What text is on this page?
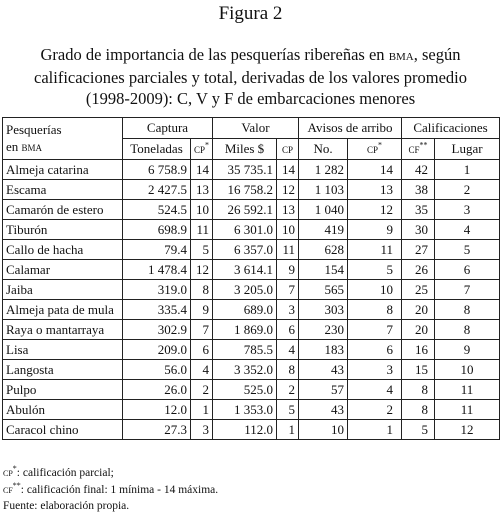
Figura 2
Grado de importancia de las pesquerías ribereñas en bma, según
calificaciones parciales y total, derivadas de los valores promedio
(1998-2009): C, V y F de embarcaciones menores
Pesquerías
en bma	Captura		Valor		Avisos de arribo		Calificaciones	
	Toneladas	cp*	Miles $	cp	No.	cp*	cf**	Lugar
Almeja catarina	6 758.9	14	35 735.1	14	1 282	14	42	1
Escama	2 427.5	13	16 758.2	12	1 103	13	38	2
Camarón de estero	524.5	10	26 592.1	13	1 040	12	35	3
Tiburón	698.9	11	6 301.0	10	419	9	30	4
Callo de hacha	79.4	5	6 357.0	11	628	11	27	5
Calamar	1 478.4	12	3 614.1	9	154	5	26	6
Jaiba	319.0	8	3 205.0	7	565	10	25	7
Almeja pata de mula	335.4	9	689.0	3	303	8	20	8
Raya o mantarraya	302.9	7	1 869.0	6	230	7	20	8
Lisa	209.0	6	785.5	4	183	6	16	9
Langosta	56.0	4	3 352.0	8	43	3	15	10
Pulpo	26.0	2	525.0	2	57	4	8	11
Abulón	12.0	1	1 353.0	5	43	2	8	11
Caracol chino	27.3	3	112.0	1	10	1	5	12
cp*: calificación parcial;
cf**: calificación final: 1 mínima - 14 máxima.
Fuente: elaboración propia.
